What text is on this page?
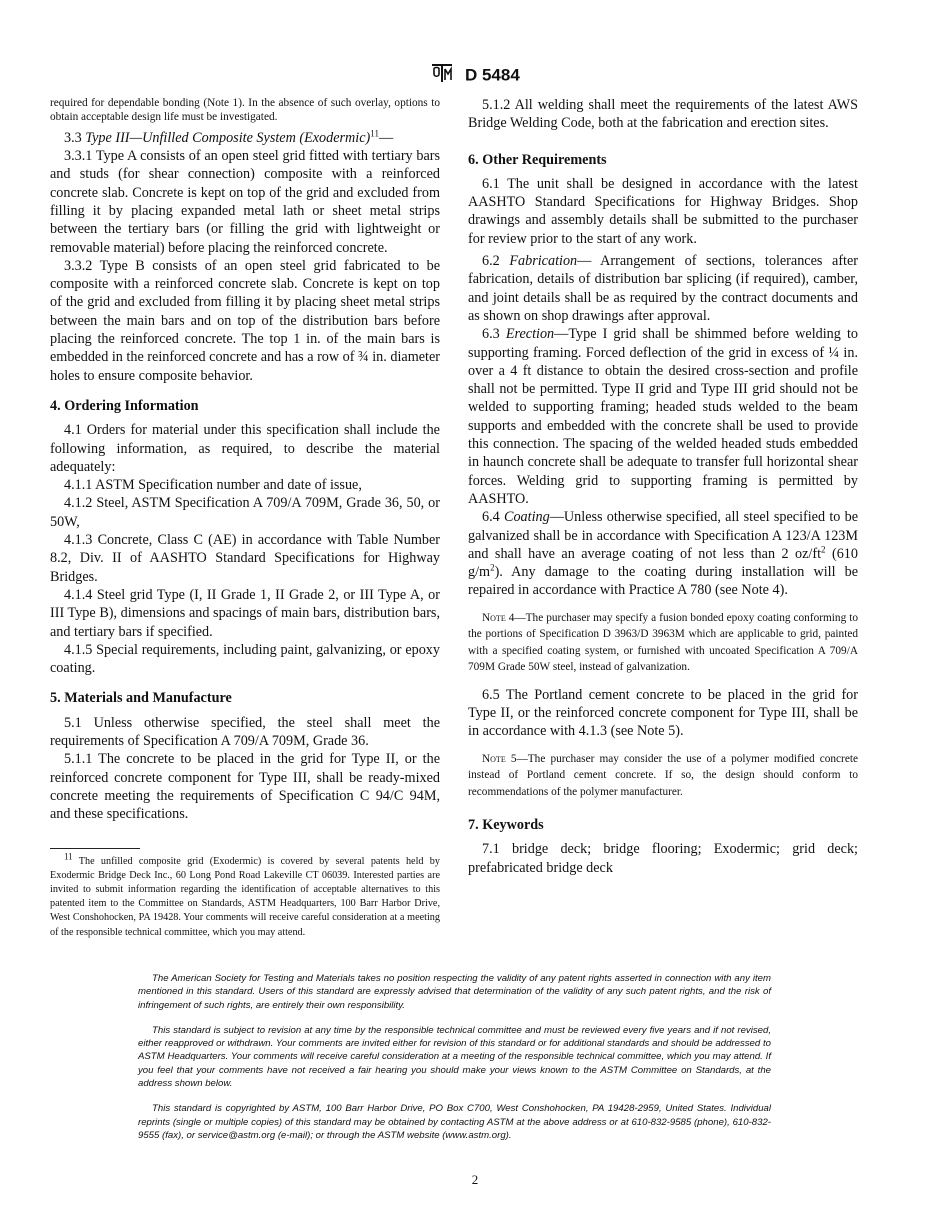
D 5484

required for dependable bonding (Note 1). In the absence of such overlay, options to obtain acceptable design life must be investigated.

3.3 Type III—Unfilled Composite System (Exodermic)$^{11}$—

3.3.1 Type A consists of an open steel grid fitted with tertiary bars and studs (for shear connection) composite with a reinforced concrete slab. Concrete is kept on top of the grid and excluded from filling it by placing expanded metal lath or sheet metal strips between the tertiary bars (or filling the grid with lightweight or removable material) before placing the reinforced concrete.

3.3.2 Type B consists of an open steel grid fabricated to be composite with a reinforced concrete slab. Concrete is kept on top of the grid and excluded from filling it by placing sheet metal strips between the main bars and on top of the distribution bars before placing the reinforced concrete. The top 1 in. of the main bars is embedded in the reinforced concrete and has a row of ¾ in. diameter holes to ensure composite behavior.

4. Ordering Information

4.1 Orders for material under this specification shall include the following information, as required, to describe the material adequately:

4.1.1 ASTM Specification number and date of issue,

4.1.2 Steel, ASTM Specification A 709/A 709M, Grade 36, 50, or 50W,

4.1.3 Concrete, Class C (AE) in accordance with Table Number 8.2, Div. II of AASHTO Standard Specifications for Highway Bridges.

4.1.4 Steel grid Type (I, II Grade 1, II Grade 2, or III Type A, or III Type B), dimensions and spacings of main bars, distribution bars, and tertiary bars if specified.

4.1.5 Special requirements, including paint, galvanizing, or epoxy coating.

5. Materials and Manufacture

5.1 Unless otherwise specified, the steel shall meet the requirements of Specification A 709/A 709M, Grade 36.

5.1.1 The concrete to be placed in the grid for Type II, or the reinforced concrete component for Type III, shall be ready-mixed concrete meeting the requirements of Specification C 94/C 94M, and these specifications.

$^{11}$ The unfilled composite grid (Exodermic) is covered by several patents held by Exodermic Bridge Deck Inc., 60 Long Pond Road Lakeville CT 06039. Interested parties are invited to submit information regarding the identification of acceptable alternatives to this patented item to the Committee on Standards, ASTM Headquarters, 100 Barr Harbor Drive, West Conshohocken, PA 19428. Your comments will receive careful consideration at a meeting of the responsible technical committee, which you may attend.

5.1.2 All welding shall meet the requirements of the latest AWS Bridge Welding Code, both at the fabrication and erection sites.

6. Other Requirements

6.1 The unit shall be designed in accordance with the latest AASHTO Standard Specifications for Highway Bridges. Shop drawings and assembly details shall be submitted to the purchaser for review prior to the start of any work.

6.2 Fabrication— Arrangement of sections, tolerances after fabrication, details of distribution bar splicing (if required), camber, and joint details shall be as required by the contract documents and as shown on shop drawings after approval.

6.3 Erection—Type I grid shall be shimmed before welding to supporting framing. Forced deflection of the grid in excess of ¼ in. over a 4 ft distance to obtain the desired cross-section and profile shall not be permitted. Type II grid and Type III grid should not be welded to supporting framing; headed studs welded to the beam supports and embedded with the concrete shall be used to provide this connection. The spacing of the welded headed studs embedded in haunch concrete shall be adequate to transfer full horizontal shear forces. Welding grid to supporting framing is permitted by AASHTO.

6.4 Coating—Unless otherwise specified, all steel specified to be galvanized shall be in accordance with Specification A 123/A 123M and shall have an average coating of not less than 2 $oz/ft^2$ (610 $g/m^2$). Any damage to the coating during installation will be repaired in accordance with Practice A 780 (see Note 4).

Note 4—The purchaser may specify a fusion bonded epoxy coating conforming to the portions of Specification D 3963/D 3963M which are applicable to grid, painted with a specified coating system, or furnished with uncoated Specification A 709/A 709M Grade 50W steel, instead of galvanization.

6.5 The Portland cement concrete to be placed in the grid for Type II, or the reinforced concrete component for Type III, shall be in accordance with 4.1.3 (see Note 5).

Note 5—The purchaser may consider the use of a polymer modified concrete instead of Portland cement concrete. If so, the design should conform to recommendations of the polymer manufacturer.

7. Keywords

7.1 bridge deck; bridge flooring; Exodermic; grid deck; prefabricated bridge deck

The American Society for Testing and Materials takes no position respecting the validity of any patent rights asserted in connection with any item mentioned in this standard. Users of this standard are expressly advised that determination of the validity of any such patent rights, and the risk of infringement of such rights, are entirely their own responsibility.

This standard is subject to revision at any time by the responsible technical committee and must be reviewed every five years and if not revised, either reapproved or withdrawn. Your comments are invited either for revision of this standard or for additional standards and should be addressed to ASTM Headquarters. Your comments will receive careful consideration at a meeting of the responsible technical committee, which you may attend. If you feel that your comments have not received a fair hearing you should make your views known to the ASTM Committee on Standards, at the address shown below.

This standard is copyrighted by ASTM, 100 Barr Harbor Drive, PO Box C700, West Conshohocken, PA 19428-2959, United States. Individual reprints (single or multiple copies) of this standard may be obtained by contacting ASTM at the above address or at 610-832-9585 (phone), 610-832-9555 (fax), or service@astm.org (e-mail); or through the ASTM website (www.astm.org).

2
